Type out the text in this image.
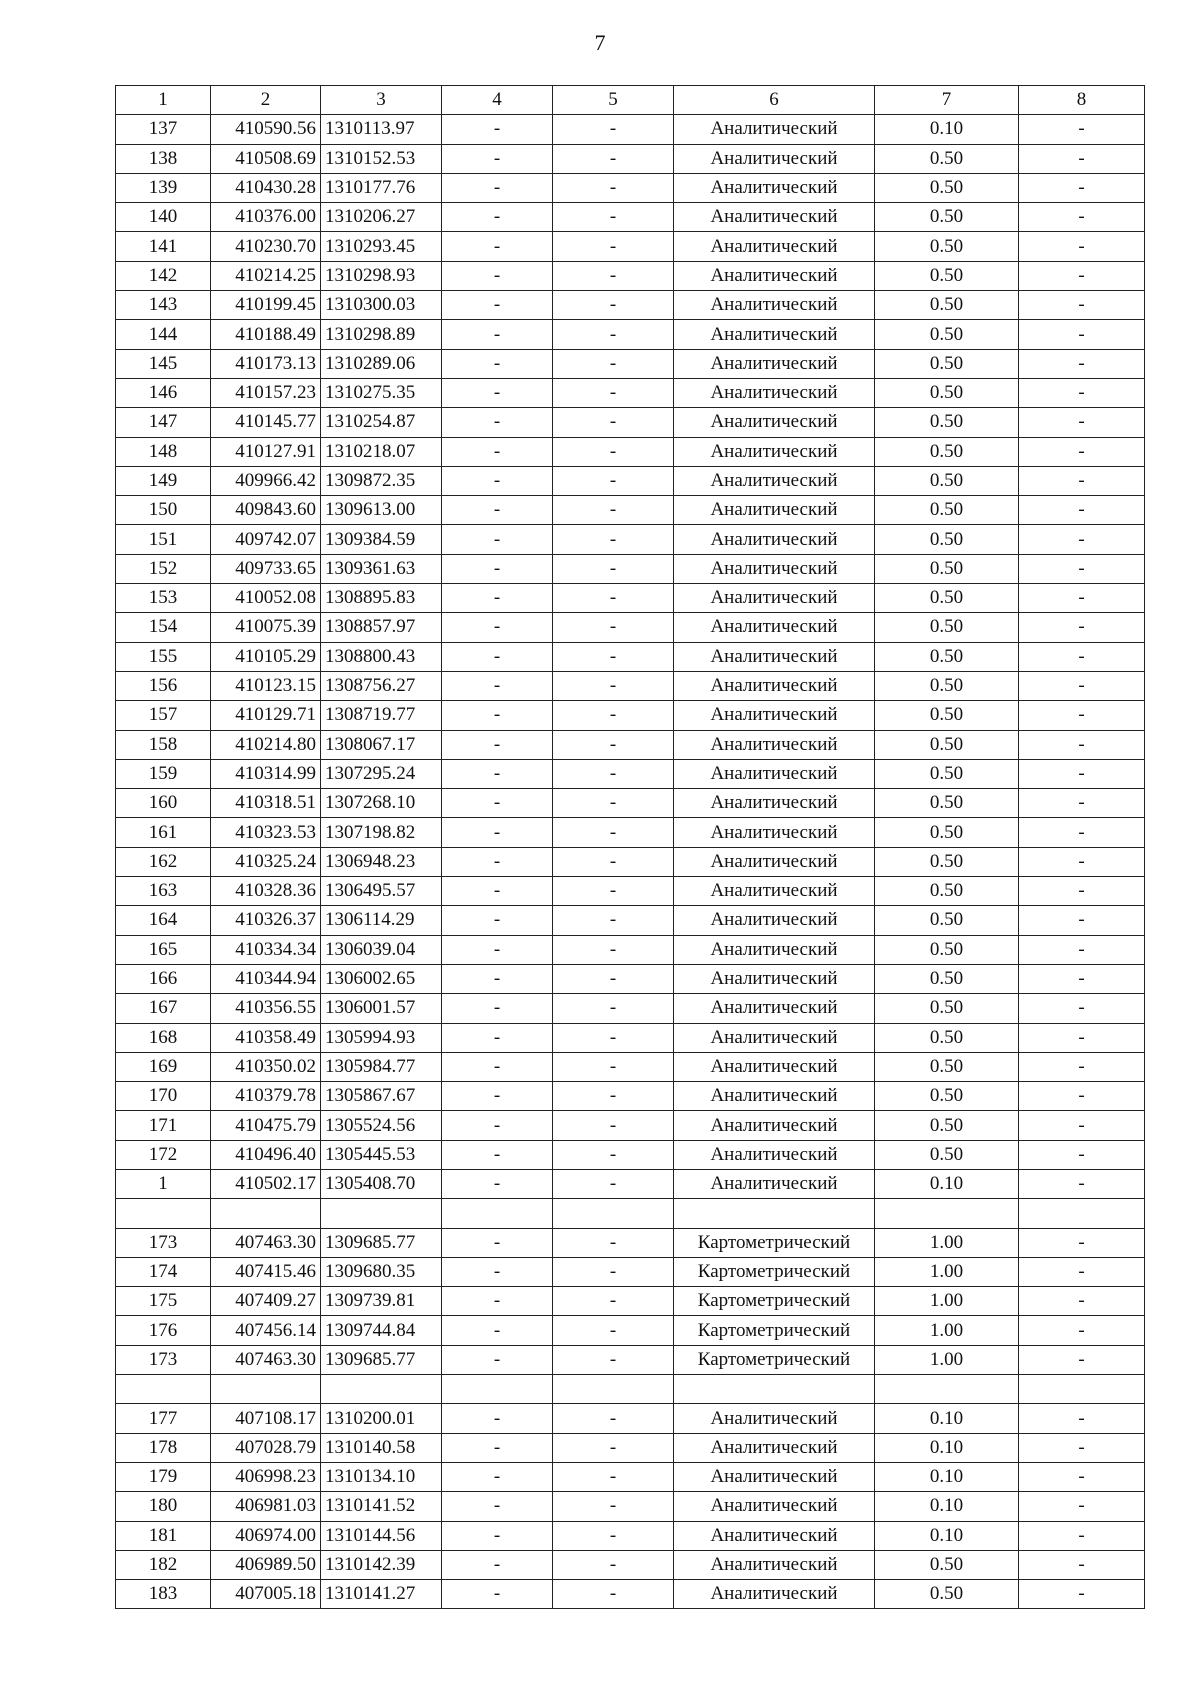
7
1	2	3	4	5	6	7	8
137	410590.56	1310113.97	-	-	Аналитический	0.10	-
138	410508.69	1310152.53	-	-	Аналитический	0.50	-
139	410430.28	1310177.76	-	-	Аналитический	0.50	-
140	410376.00	1310206.27	-	-	Аналитический	0.50	-
141	410230.70	1310293.45	-	-	Аналитический	0.50	-
142	410214.25	1310298.93	-	-	Аналитический	0.50	-
143	410199.45	1310300.03	-	-	Аналитический	0.50	-
144	410188.49	1310298.89	-	-	Аналитический	0.50	-
145	410173.13	1310289.06	-	-	Аналитический	0.50	-
146	410157.23	1310275.35	-	-	Аналитический	0.50	-
147	410145.77	1310254.87	-	-	Аналитический	0.50	-
148	410127.91	1310218.07	-	-	Аналитический	0.50	-
149	409966.42	1309872.35	-	-	Аналитический	0.50	-
150	409843.60	1309613.00	-	-	Аналитический	0.50	-
151	409742.07	1309384.59	-	-	Аналитический	0.50	-
152	409733.65	1309361.63	-	-	Аналитический	0.50	-
153	410052.08	1308895.83	-	-	Аналитический	0.50	-
154	410075.39	1308857.97	-	-	Аналитический	0.50	-
155	410105.29	1308800.43	-	-	Аналитический	0.50	-
156	410123.15	1308756.27	-	-	Аналитический	0.50	-
157	410129.71	1308719.77	-	-	Аналитический	0.50	-
158	410214.80	1308067.17	-	-	Аналитический	0.50	-
159	410314.99	1307295.24	-	-	Аналитический	0.50	-
160	410318.51	1307268.10	-	-	Аналитический	0.50	-
161	410323.53	1307198.82	-	-	Аналитический	0.50	-
162	410325.24	1306948.23	-	-	Аналитический	0.50	-
163	410328.36	1306495.57	-	-	Аналитический	0.50	-
164	410326.37	1306114.29	-	-	Аналитический	0.50	-
165	410334.34	1306039.04	-	-	Аналитический	0.50	-
166	410344.94	1306002.65	-	-	Аналитический	0.50	-
167	410356.55	1306001.57	-	-	Аналитический	0.50	-
168	410358.49	1305994.93	-	-	Аналитический	0.50	-
169	410350.02	1305984.77	-	-	Аналитический	0.50	-
170	410379.78	1305867.67	-	-	Аналитический	0.50	-
171	410475.79	1305524.56	-	-	Аналитический	0.50	-
172	410496.40	1305445.53	-	-	Аналитический	0.50	-
1	410502.17	1305408.70	-	-	Аналитический	0.10	-

173	407463.30	1309685.77	-	-	Картометрический	1.00	-
174	407415.46	1309680.35	-	-	Картометрический	1.00	-
175	407409.27	1309739.81	-	-	Картометрический	1.00	-
176	407456.14	1309744.84	-	-	Картометрический	1.00	-
173	407463.30	1309685.77	-	-	Картометрический	1.00	-

177	407108.17	1310200.01	-	-	Аналитический	0.10	-
178	407028.79	1310140.58	-	-	Аналитический	0.10	-
179	406998.23	1310134.10	-	-	Аналитический	0.10	-
180	406981.03	1310141.52	-	-	Аналитический	0.10	-
181	406974.00	1310144.56	-	-	Аналитический	0.10	-
182	406989.50	1310142.39	-	-	Аналитический	0.50	-
183	407005.18	1310141.27	-	-	Аналитический	0.50	-
